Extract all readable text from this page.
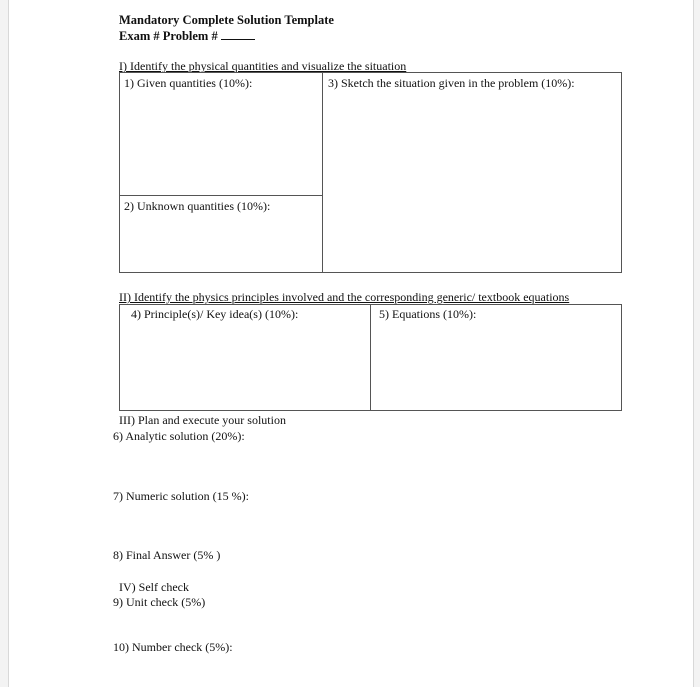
Mandatory Complete Solution Template
Exam # Problem #
I) Identify the physical quantities and visualize the situation
1) Given quantities (10%):	3) Sketch the situation given in the problem (10%):
2) Unknown quantities (10%):
II) Identify the physics principles involved and the corresponding generic/ textbook equations
4) Principle(s)/ Key idea(s) (10%):	5) Equations (10%):
III) Plan and execute your solution
6) Analytic solution (20%):
7) Numeric solution (15 %):
8) Final Answer (5% )
IV) Self check
9) Unit check (5%)
10) Number check (5%):
